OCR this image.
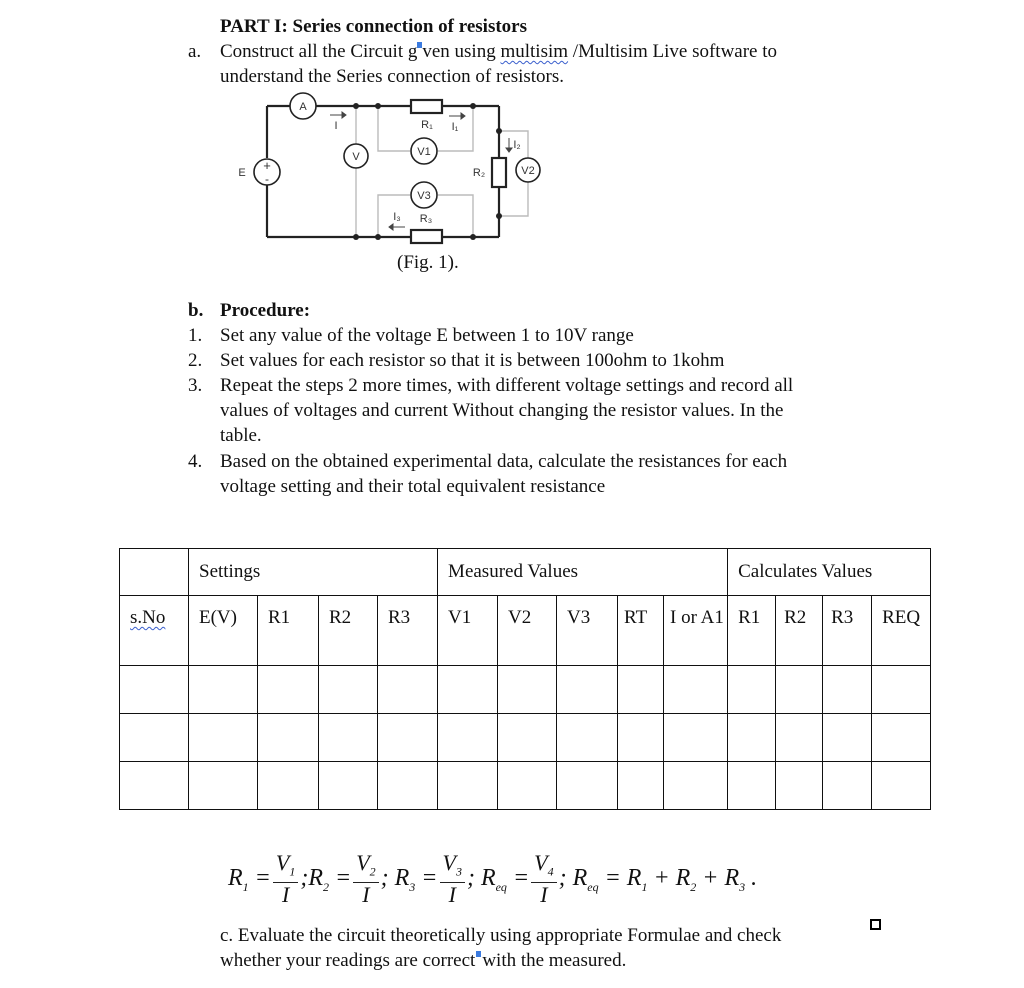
PART I: Series connection of resistors
a. Construct all the Circuit g ven using multisim /Multisim Live software to
understand the Series connection of resistors.
A
+
-
E
V	V1
V3
V2
R₁
R₂
R₃
I	I₁
I₂
I₃
(Fig. 1).
b. Procedure:
1. Set any value of the voltage E between 1 to 10V range
2. Set values for each resistor so that it is between 100ohm to 1kohm
3. Repeat the steps 2 more times, with different voltage settings and record all
values of voltages and current Without changing the resistor values. In the
table.
4. Based on the obtained experimental data, calculate the resistances for each
voltage setting and their total equivalent resistance
	Settings				Measured Values					Calculates Values			
s.No	E(V)	R1	R2	R3	V1	V2	V3	RT	I or A1	R1	R2	R3	REQ

$R_1 = \frac{V_1}{I}$ $;R_2 = \frac{V_2}{I}$ ; $R_3 = \frac{V_3}{I}$ ; $R_{eq} = \frac{V_4}{I}$ ; $R_{eq} = R_1 + R_2 + R_3$ .
c. Evaluate the circuit theoretically using appropriate Formulae and check
whether your readings are correct with the measured.
